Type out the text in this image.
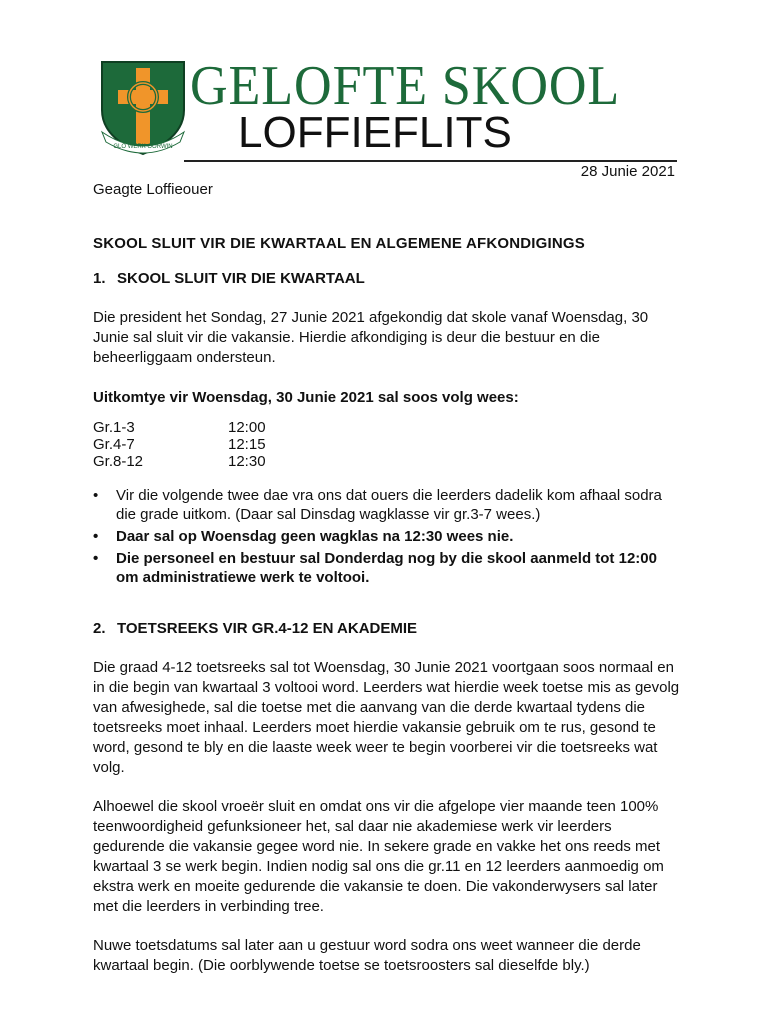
GLO WERK OORWIN
GELOFTE SKOOL
LOFFIEFLITS
28 Junie 2021

Geagte Loffieouer

SKOOL SLUIT VIR DIE KWARTAAL EN ALGEMENE AFKONDIGINGS

1. SKOOL SLUIT VIR DIE KWARTAAL

Die president het Sondag, 27 Junie 2021 afgekondig dat skole vanaf Woensdag, 30 Junie sal sluit vir die vakansie. Hierdie afkondiging is deur die bestuur en die beheerliggaam ondersteun.

Uitkomtye vir Woensdag, 30 Junie 2021 sal soos volg wees:

Gr.1-3	12:00
Gr.4-7	12:15
Gr.8-12	12:30
• Vir die volgende twee dae vra ons dat ouers die leerders dadelik kom afhaal sodra die grade uitkom. (Daar sal Dinsdag wagklasse vir gr.3-7 wees.)
• Daar sal op Woensdag geen wagklas na 12:30 wees nie.
• Die personeel en bestuur sal Donderdag nog by die skool aanmeld tot 12:00 om administratiewe werk te voltooi.

2. TOETSREEKS VIR GR.4-12 EN AKADEMIE

Die graad 4-12 toetsreeks sal tot Woensdag, 30 Junie 2021 voortgaan soos normaal en in die begin van kwartaal 3 voltooi word. Leerders wat hierdie week toetse mis as gevolg van afwesighede, sal die toetse met die aanvang van die derde kwartaal tydens die toetsreeks moet inhaal. Leerders moet hierdie vakansie gebruik om te rus, gesond te word, gesond te bly en die laaste week weer te begin voorberei vir die toetsreeks wat volg.

Alhoewel die skool vroeër sluit en omdat ons vir die afgelope vier maande teen 100% teenwoordigheid gefunksioneer het, sal daar nie akademiese werk vir leerders gedurende die vakansie gegee word nie. In sekere grade en vakke het ons reeds met kwartaal 3 se werk begin. Indien nodig sal ons die gr.11 en 12 leerders aanmoedig om ekstra werk en moeite gedurende die vakansie te doen. Die vakonderwysers sal later met die leerders in verbinding tree.

Nuwe toetsdatums sal later aan u gestuur word sodra ons weet wanneer die derde kwartaal begin. (Die oorblywende toetse se toetsroosters sal dieselfde bly.)
